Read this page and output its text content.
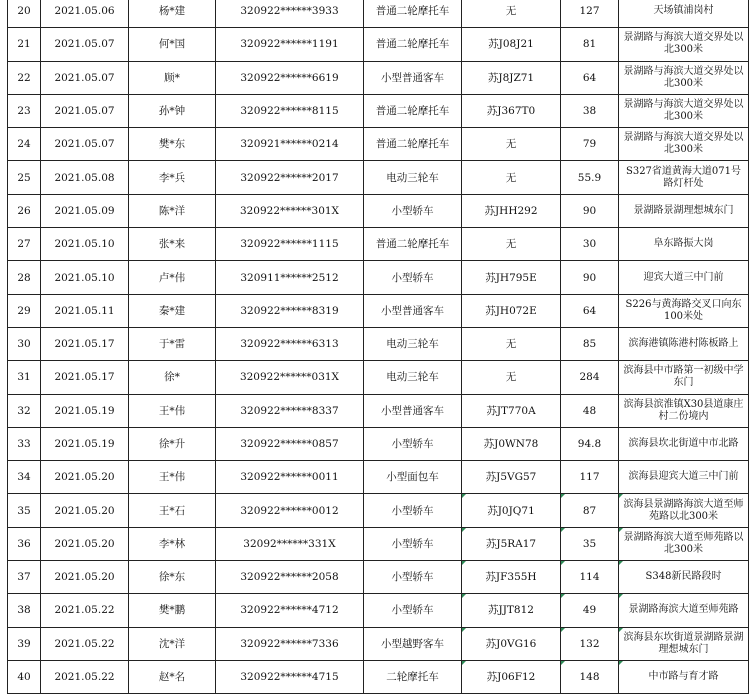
20	2021.05.06	杨*建	320922******3933	普通二轮摩托车	无	127	天场镇浦岗村
21	2021.05.07	何*国	320922******1191	普通二轮摩托车	苏J08J21	81	景湖路与海滨大道交界处以北300米
22	2021.05.07	顾*	320922******6619	小型普通客车	苏J8JZ71	64	景湖路与海滨大道交界处以北300米
23	2021.05.07	孙*钟	320922******8115	普通二轮摩托车	苏J367T0	38	景湖路与海滨大道交界处以北300米
24	2021.05.07	樊*东	320921******0214	普通二轮摩托车	无	79	景湖路与海滨大道交界处以北300米
25	2021.05.08	李*兵	320922******2017	电动三轮车	无	55.9	S327省道黄海大道071号路灯杆处
26	2021.05.09	陈*洋	320922******301X	小型轿车	苏JHH292	90	景湖路景湖理想城东门
27	2021.05.10	张*来	320922******1115	普通二轮摩托车	无	30	阜东路振大岗
28	2021.05.10	卢*伟	320911******2512	小型轿车	苏JH795E	90	迎宾大道三中门前
29	2021.05.11	秦*建	320922******8319	小型普通客车	苏JH072E	64	S226与黄海路交叉口向东100米处
30	2021.05.17	于*雷	320922******6313	电动三轮车	无	85	滨海港镇陈港村陈板路上
31	2021.05.17	徐*	320922******031X	电动三轮车	无	284	滨海县中市路第一初级中学东门
32	2021.05.19	王*伟	320922******8337	小型普通客车	苏JT770A	48	滨海县滨淮镇X30县道康庄村二份境内
33	2021.05.19	徐*升	320922******0857	小型轿车	苏J0WN78	94.8	滨海县坎北街道中市北路
34	2021.05.20	王*伟	320922******0011	小型面包车	苏J5VG57	117	滨海县迎宾大道三中门前
35	2021.05.20	王*石	320922******0012	小型轿车	苏J0JQ71	87	滨海县景湖路海滨大道至师苑路以北300米
36	2021.05.20	李*林	32092******331X	小型轿车	苏J5RA17	35	景湖路海滨大道至师苑路以北300米
37	2021.05.20	徐*东	320922******2058	小型轿车	苏JF355H	114	S348新民路段时
38	2021.05.22	樊*鹏	320922******4712	小型轿车	苏JJT812	49	景湖路海滨大道至师苑路
39	2021.05.22	沈*洋	320922******7336	小型越野客车	苏J0VG16	132	滨海县东坎街道景湖路景湖理想城东门
40	2021.05.22	赵*名	320922******4715	二轮摩托车	苏J06F12	148	中市路与育才路
